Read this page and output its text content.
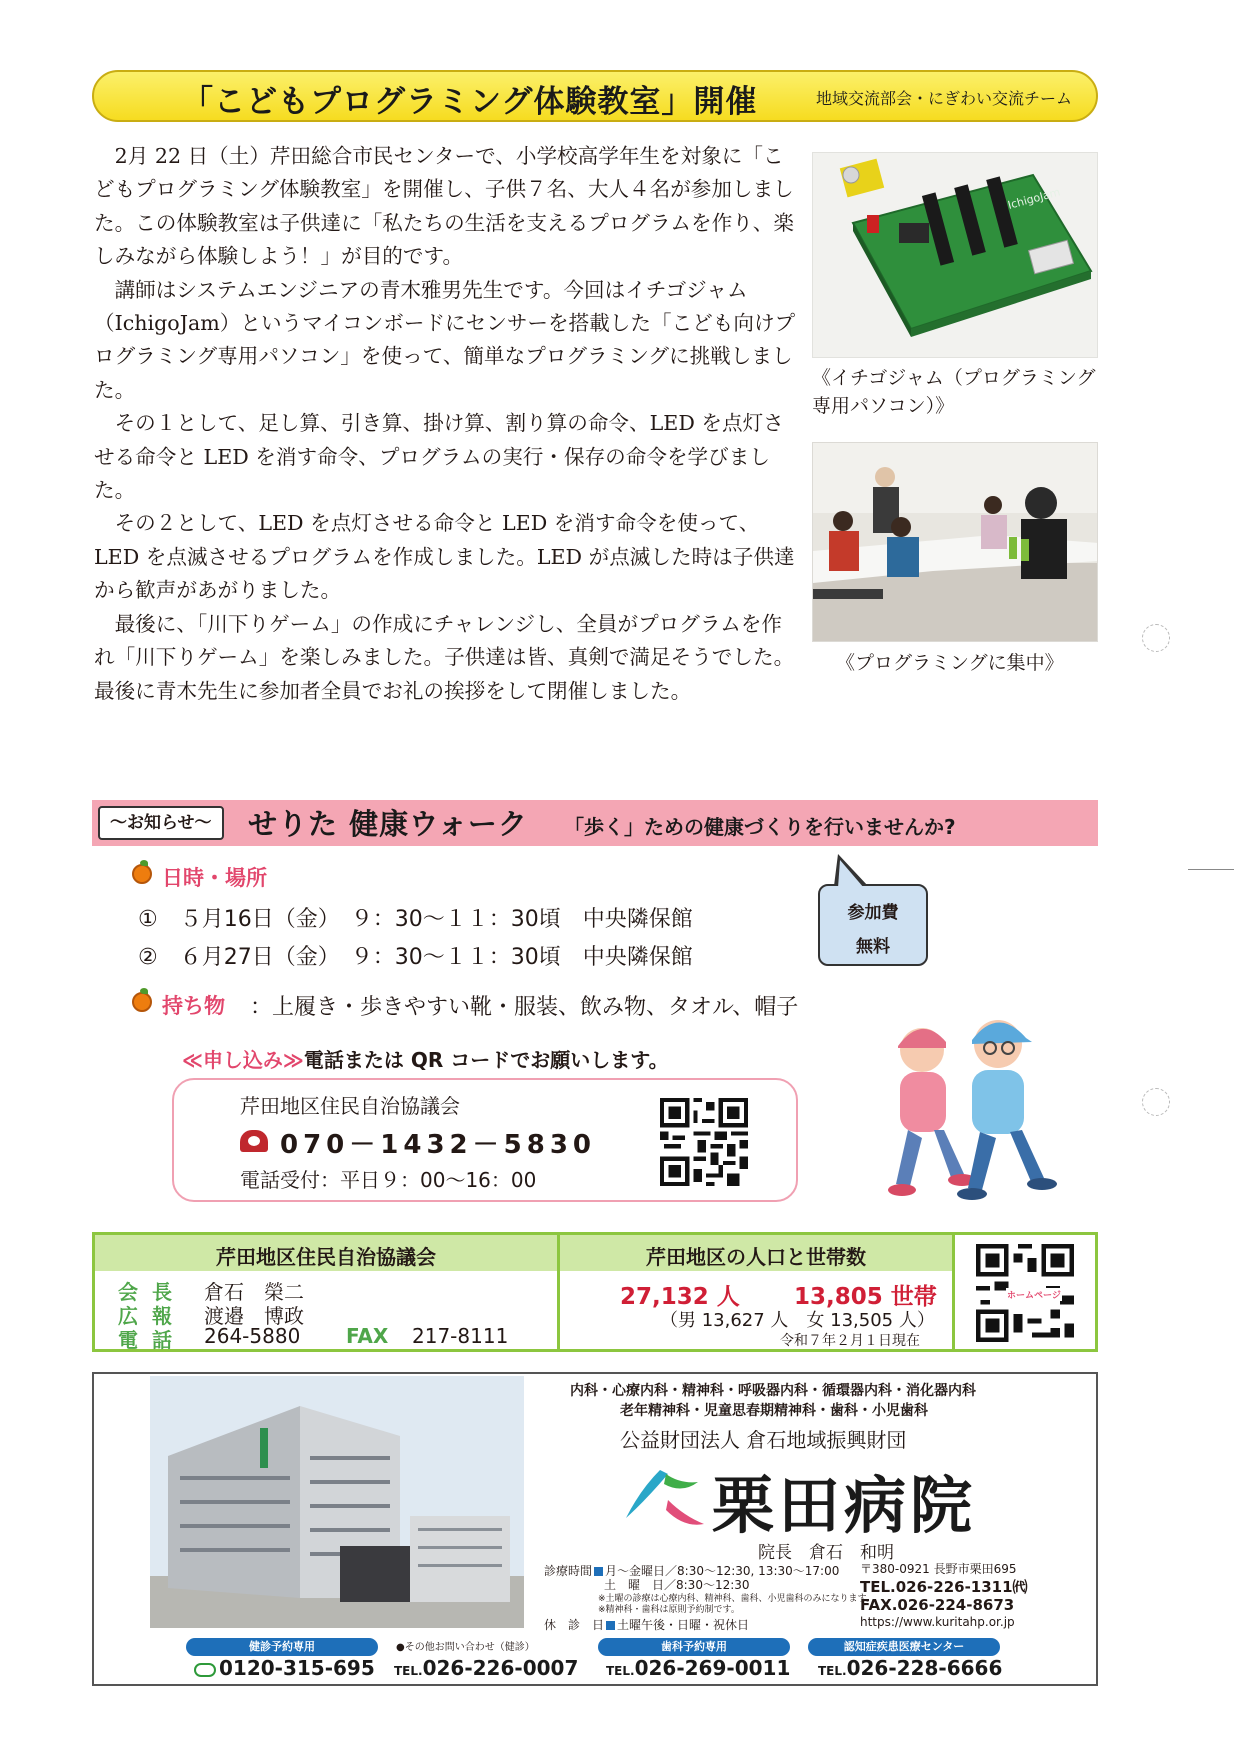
「こどもプログラミング体験教室」開催	地域交流部会・にぎわい交流チーム

2月 22 日（土）芹田総合市民センターで、小学校高学年生を対象に「こどもプログラミング体験教室」を開催し、子供７名、大人４名が参加しました。この体験教室は子供達に「私たちの生活を支えるプログラムを作り、楽しみながら体験しよう！」が目的です。

講師はシステムエンジニアの青木雅男先生です。今回はイチゴジャム（IchigoJam）というマイコンボードにセンサーを搭載した「こども向けプログラミング専用パソコン」を使って、簡単なプログラミングに挑戦しました。

その１として、足し算、引き算、掛け算、割り算の命令、LED を点灯させる命令と LED を消す命令、プログラムの実行・保存の命令を学びました。

その２として、LED を点灯させる命令と LED を消す命令を使って、LED を点滅させるプログラムを作成しました。LED が点滅した時は子供達から歓声があがりました。

最後に、「川下りゲーム」の作成にチャレンジし、全員がプログラムを作れ「川下りゲーム」を楽しみました。子供達は皆、真剣で満足そうでした。最後に青木先生に参加者全員でお礼の挨拶をして閉催しました。

IchigoJam
《イチゴジャム（プログラミング専用パソコン）》
《プログラミングに集中》
～お知らせ～	せりた 健康ウォーク 「歩く」ための健康づくりを行いませんか?
日時・場所
①　５月16日（金）　９：30～１１：30頃　中央隣保館
②　６月27日（金）　９：30～１１：30頃　中央隣保館
持ち物 ：上履き・歩きやすい靴・服装、飲み物、タオル、帽子
参加費
無料
≪申し込み≫電話または QR コードでお願いします。
芹田地区住民自治協議会
070－1432－5830
電話受付：平日９：00～16：00
芹田地区住民自治協議会	芹田地区の人口と世帯数
会長 倉石　榮二
広報 渡邉　博政
電話 264-5880 FAX 217-8111
27,132 人 13,805 世帯
（男 13,627 人　女 13,505 人）
令和７年２月１日現在
ホームページ
内科・心療内科・精神科・呼吸器内科・循環器内科・消化器内科
老年精神科・児童思春期精神科・歯科・小児歯科
公益財団法人 倉石地域振興財団
栗田病院
院長　倉石　和明
診療時間 月～金曜日／8:30～12:30, 13:30～17:00
土　曜　日／8:30～12:30
※土曜の診療は心療内科、精神科、歯科、小児歯科のみになります。
※精神科・歯科は原則予約制です。
休　診　日 土曜午後・日曜・祝休日
〒380-0921 長野市栗田695
TEL.026-226-1311㈹
FAX.026-224-8673
https://www.kuritahp.or.jp
健診予約専用	●その他お問い合わせ（健診）	歯科予約専用	認知症疾患医療センター
0120-315-695 TEL.026-226-0007 TEL.026-269-0011 TEL.026-228-6666
